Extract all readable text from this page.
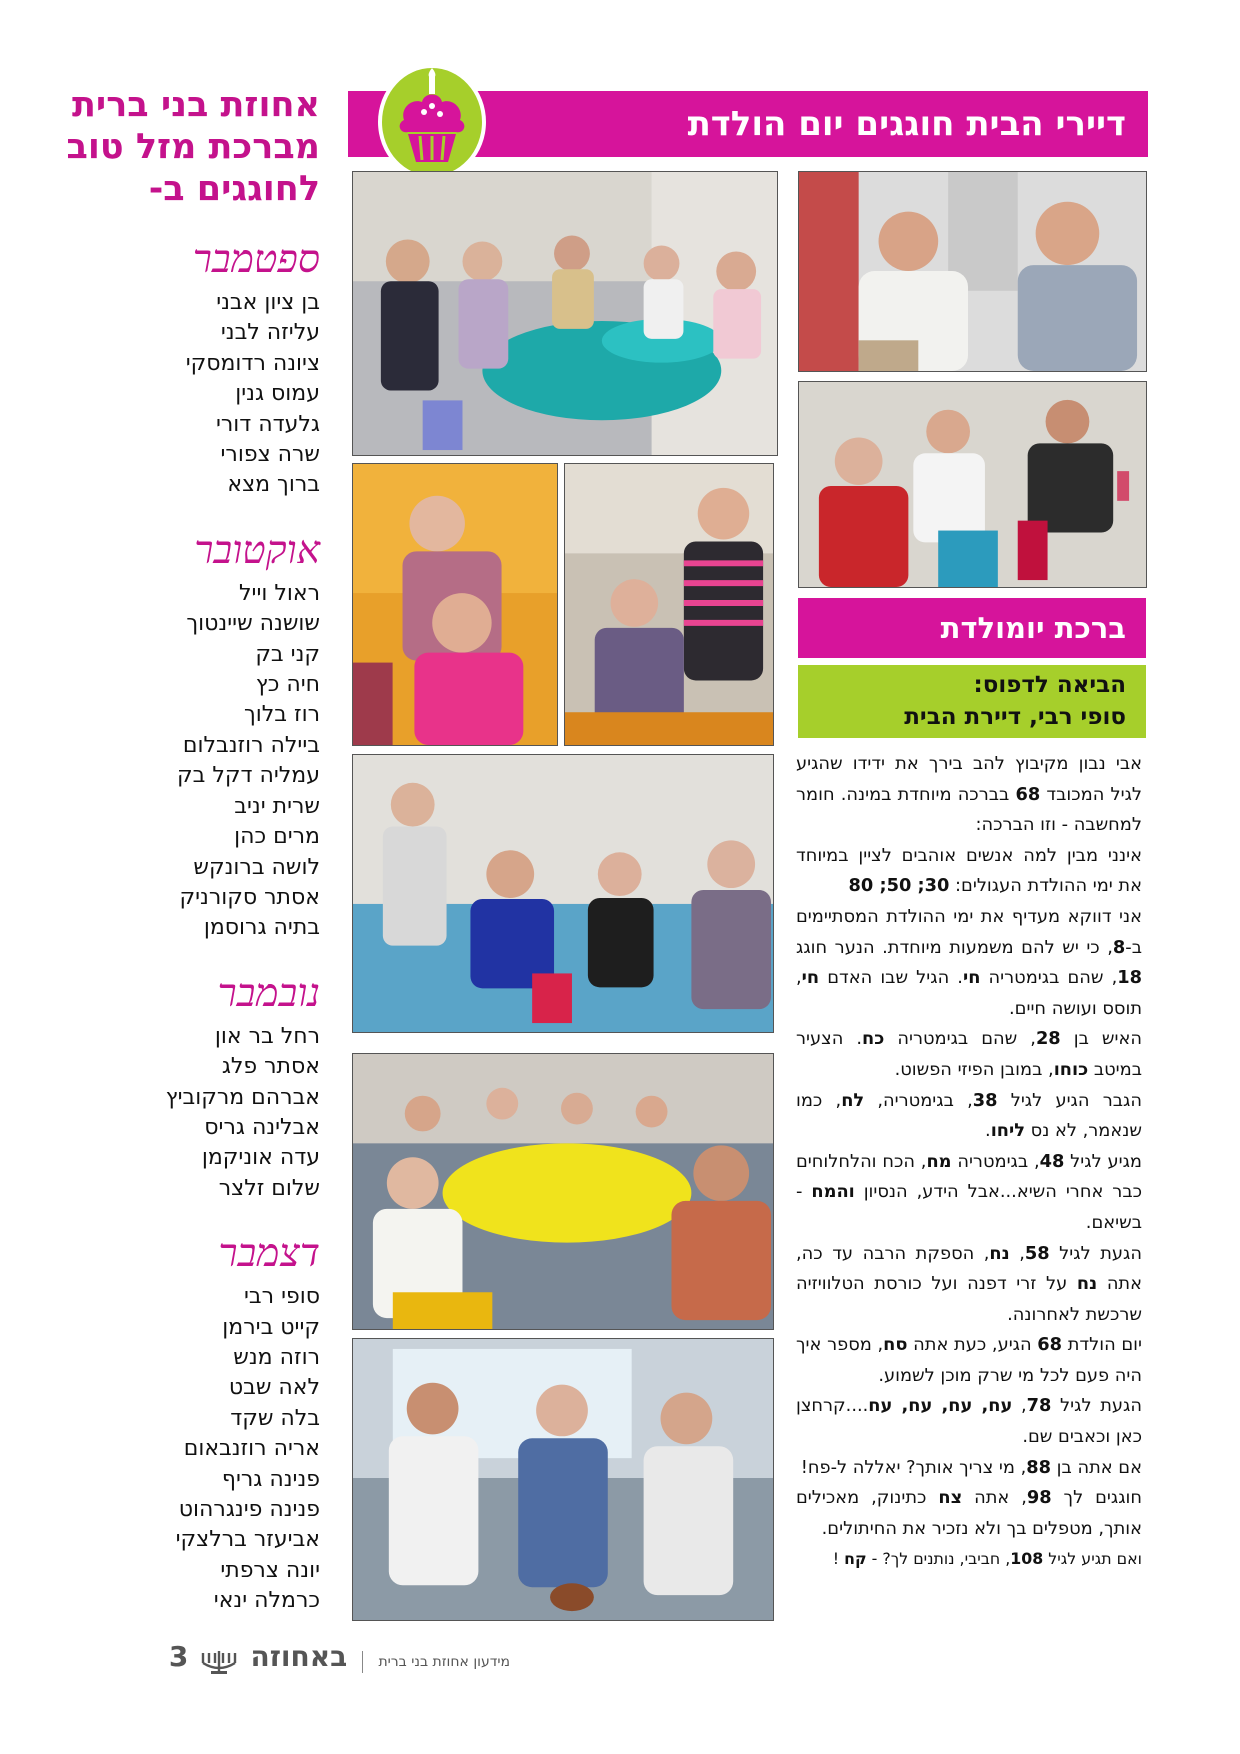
דיירי הבית חוגגים יום הולדת
אחוזת בני ברית
מברכת מזל טוב
לחוגגים ב-
ספטמבר
בן ציון אבני
עליזה לבני
ציונה רדומסקי
עמוס גנין
גלעדה דורי
שרה צפורי
ברוך מצא
אוקטובר
ראול וייל
שושנה שיינטוך
קני בק
חיה כץ
רוז בלוך
ביילה רוזנבלום
עמליה דקל בק
שרית יניב
מרים כהן
לושה ברונקש
אסתר סקורניק
בתיה גרוסמן
נובמבר
רחל בר און
אסתר פלג
אברהם מרקוביץ
אבלינה גריס
עדה אוניקמן
שלום זלצר
דצמבר
סופי רבי
קייט בירמן
רוזה מנש
לאה שבט
בלה שקד
אריה רוזנבאום
פנינה גריף
פנינה פינגרהוט
אביעזר ברלצקי
יונה צרפתי
כרמלה ינאי
ברכת יומולדת
הביאה לדפוס:
סופי רבי, דיירת הבית

אבי נבון מקיבוץ להב בירך את ידידו שהגיע לגיל המכובד 68 בברכה מיוחדת במינה. חומר למחשבה - וזו הברכה:

אינני מבין למה אנשים אוהבים לציין במיוחד את ימי ההולדת העגולים: 30; 50; 80

אני דווקא מעדיף את ימי ההולדת המסתיימים ב-8, כי יש להם משמעות מיוחדת. הנער חוגג 18, שהם בגימטריה חי. הגיל שבו האדם חי, תוסס ועושה חיים.

האיש בן 28, שהם בגימטריה כח. הצעיר במיטב כוחו, במובן הפיזי הפשוט.

הגבר הגיע לגיל 38, בגימטריה, לח, כמו שנאמר, לא נס ליחו.

מגיע לגיל 48, בגימטריה מח, הכח והלחלוחים כבר אחרי השיא...אבל הידע, הנסיון והמח - בשיאם.

הגעת לגיל 58, נח, הספקת הרבה עד כה, אתה נח על זרי דפנה ועל כורסת הטלוויזיה שרכשת לאחרונה.

יום הולדת 68 הגיע, כעת אתה סח, מספר איך היה פעם לכל מי שרק מוכן לשמוע.

הגעת לגיל 78, עח, עח, עח, עח....קרחצן כאן וכאבים שם.

אם אתה בן 88, מי צריך אותך? יאללה ל-פח!

חוגגים לך 98, אתה צח כתינוק, מאכילים אותך, מטפלים בך ולא נזכיר את החיתולים.

ואם תגיע לגיל 108, חביבי, נותנים לך? - קח !

מידעון אחוזת בני ברית  באחוזה  3
